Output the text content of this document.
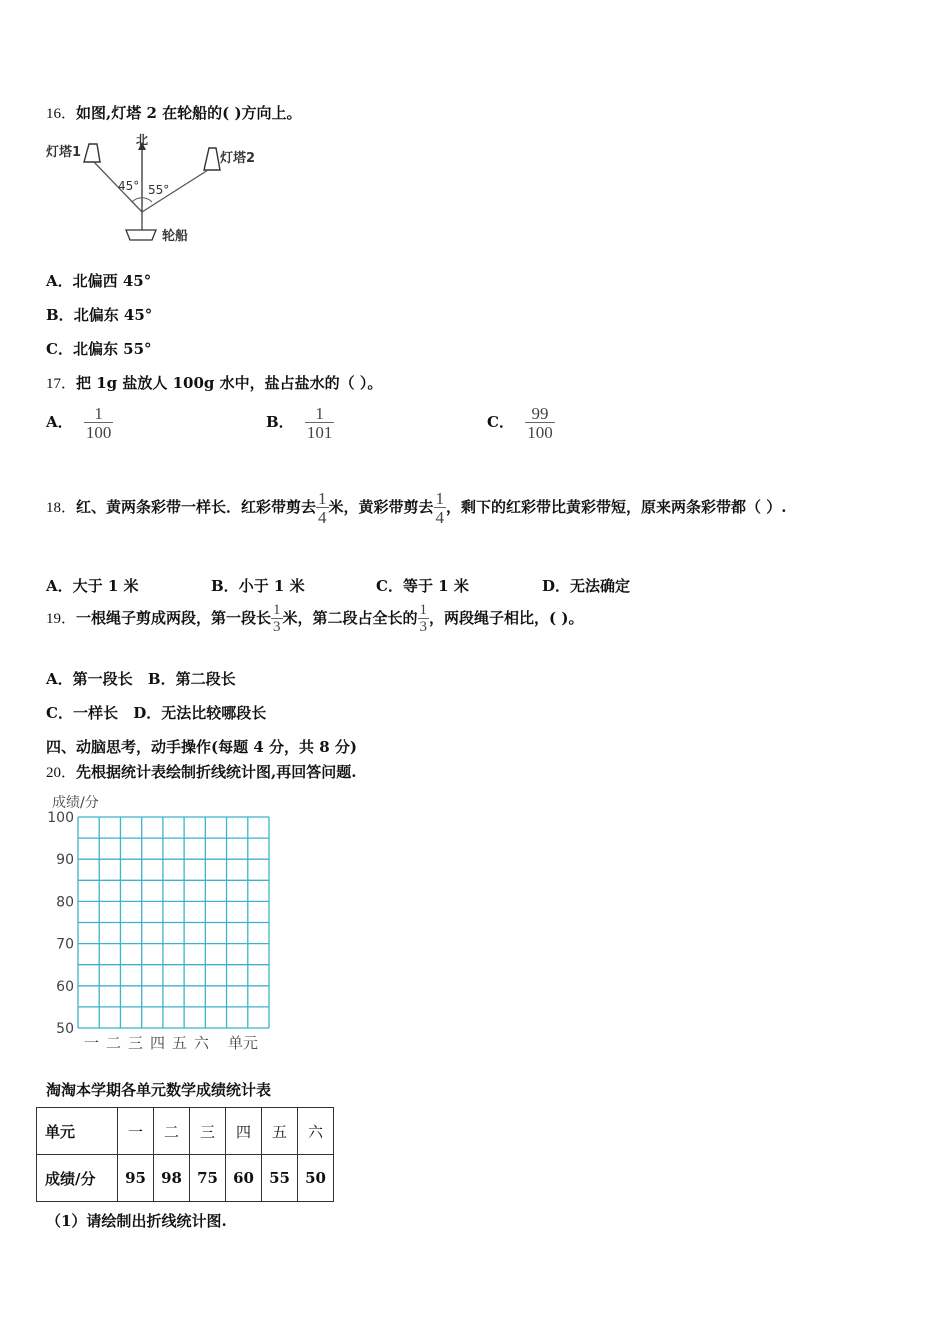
16．如图,灯塔 2 在轮船的( )方向上。
灯塔1	灯塔2
北
45° 55°
轮船
A．北偏西 45°
B．北偏东 45°
C．北偏东 55°
17．把 1g 盐放人 100g 水中，盐占盐水的（ ）。
A． $\frac{1}{100}$	B． $\frac{1}{101}$	C． $\frac{99}{100}$
18．红、黄两条彩带一样长．红彩带剪去 $\frac{1}{4}$ 米，黄彩带剪去 $\frac{1}{4}$ ，剩下的红彩带比黄彩带短，原来两条彩带都（ ）.
A．大于 1 米	B．小于 1 米	C．等于 1 米	D．无法确定
19．一根绳子剪成两段，第一段长 $\frac{1}{3}$ 米，第二段占全长的 $\frac{1}{3}$ ，两段绳子相比，( )。
A．第一段长 B．第二段长
C．一样长 D．无法比较哪段长
四、动脑思考，动手操作(每题 4 分，共 8 分)
20．先根据统计表绘制折线统计图,再回答问题.
成绩/分
100
90
80
70
60
50
一 二 三 四 五 六 单元
淘淘本学期各单元数学成绩统计表
单元	一	二	三	四	五	六
成绩/分	95	98	75	60	55	50
（1）请绘制出折线统计图.
